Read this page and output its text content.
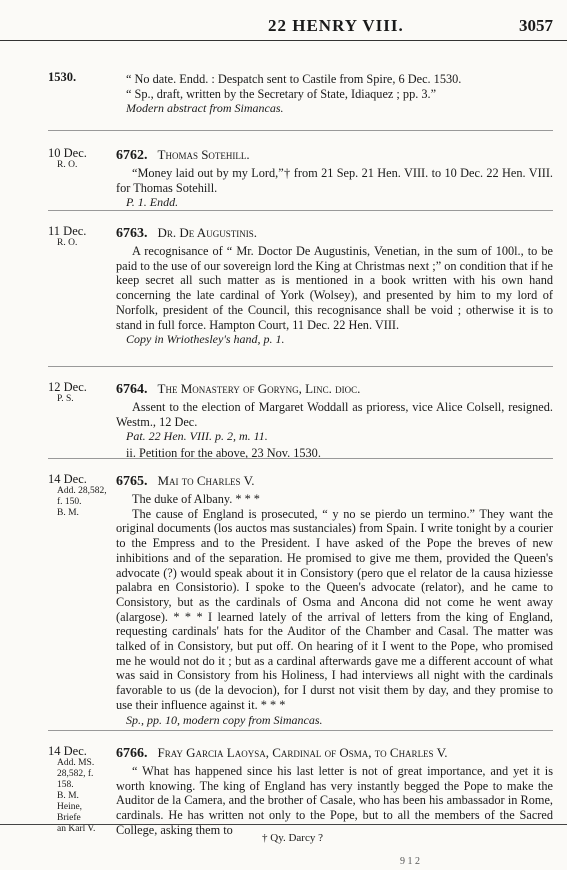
22 HENRY VIII.	3057
1530.	“ No date. Endd. : Despatch sent to Castile from Spire, 6 Dec. 1530.
“ Sp., draft, written by the Secretary of State, Idiaquez ; pp. 3.”
Modern abstract from Simancas.
10 Dec.
R. O.
6762. Thomas Sotehill.
“Money laid out by my Lord,”† from 21 Sep. 21 Hen. VIII. to 10 Dec. 22 Hen. VIII. for Thomas Sotehill.
P. 1. Endd.
11 Dec.
R. O.
6763. Dr. De Augustinis.
A recognisance of “ Mr. Doctor De Augustinis, Venetian, in the sum of 100l., to be paid to the use of our sovereign lord the King at Christmas next ;” on condition that if he keep secret all such matter as is mentioned in a book written with his own hand concerning the late cardinal of York (Wolsey), and presented by him to my lord of Norfolk, president of the Council, this recognisance shall be void ; otherwise it is to stand in full force. Hampton Court, 11 Dec. 22 Hen. VIII.
Copy in Wriothesley's hand, p. 1.
12 Dec.
P. S.
6764. The Monastery of Goryng, Linc. dioc.
Assent to the election of Margaret Woddall as prioress, vice Alice Colsell, resigned. Westm., 12 Dec.
Pat. 22 Hen. VIII. p. 2, m. 11.
ii. Petition for the above, 23 Nov. 1530.
14 Dec.
Add. 28,582,
f. 150.
B. M.
6765. Mai to Charles V.
The duke of Albany. * * *
The cause of England is prosecuted, “ y no se pierdo un termino.” They want the original documents (los auctos mas sustanciales) from Spain. I write tonight by a courier to the Empress and to the President. I have asked of the Pope the breves of new inhibitions and of the separation. He promised to give me them, provided the Queen's advocate (?) would speak about it in Consistory (pero que el relator de la causa hiziesse palabra en Consistorio). I spoke to the Queen's advocate (relator), and he came to Consistory, but as the cardinals of Osma and Ancona did not come he went away (alargose). * * * I learned lately of the arrival of letters from the king of England, requesting cardinals' hats for the Auditor of the Chamber and Casal. The matter was talked of in Consistory, but put off. On hearing of it I went to the Pope, who promised me he would not do it ; but as a cardinal afterwards gave me a different account of what was said in Consistory from his Holiness, I had interviews all night with the cardinals favorable to us (de la devocion), for I durst not visit them by day, and they promise to use their influence against it. * * *
Sp., pp. 10, modern copy from Simancas.
14 Dec.
Add. MS.
28,582, f. 158.
B. M.
Heine, Briefe
an Karl V.
6766. Fray Garcia Laoysa, Cardinal of Osma, to Charles V.
“ What has happened since his last letter is not of great importance, and yet it is worth knowing. The king of England has very instantly begged the Pope to make the Auditor de la Camera, and the brother of Casale, who has been his ambassador in Rome, cardinals. He has written not only to the Pope, but to all the members of the Sacred College, asking them to
† Qy. Darcy ?
9 1 2
